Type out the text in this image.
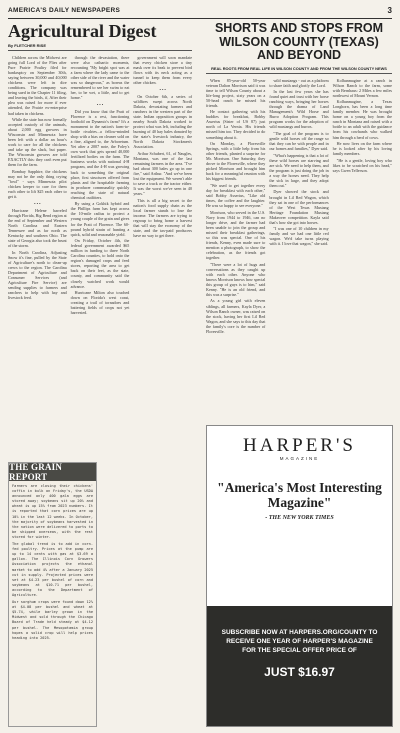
AMERICA'S DAILY NEWSPAPERS	3
Agricultural Digest
By FLETCHER RISE

Children across the Midwest are going full Lord of the Flies after Pure Prairie Poultry filed for bankruptcy on September 30th, saying between 30,000 and 40,000 chickens were left in dire conditions. The company was being sued in the Chapter 11 filing, and leaving the birds, if, After their plea was raised for more if ever attended, the Prairie ex-enterprise had taken in chickens.

While the state has now formally accepted custody of the animals, about 2,000 egg growers in Wisconsin and Minnesota have been left with a dollar an hour's work to care for all the chickens and take up the slack, but paper. The Wisconsin growers are told EXACTLY this: they can't even put them for the farm.

Bombay Sapphire, the chickens may not be the only thing crying "fowl" - says Minnesota pilot chicken keeper to care for them each other to lift $25 each other to get it.

• • •

Hurricane Helene barreled through Florida, Big Bend region at the end of September and Western North Carolina and Eastern Tennessee and as far north as Kentucky and southern Ohio. The state of Georgia also took the brunt of the storm.

In North Carolina, Adjusting Snow it's fine, pulled by the State of Agriculture's north to clean-up crews to the region. The Carolina Department of Agriculture and Consumer Services (and Agriculture Fire Service) are sending supplies to farmers and ranchers to help with hay and livestock feed.

through the devastation, there were also cathartic moments, recounting "My bright spot was at a farm where the lady came to the other side of the river and the water was so dangerous," as boreas the remembered to see her swim to eat her, to be wet, a little, and to get home."

• • •

Did you know that the Pratt of Florence is a rest, functioning foothold on Dynamic's farm? It's a monument to the nation's farm-to-bottle rivalries...a fellow-minded shop with a bias on cleaner sold on a fine, aligned to, the Arboretum. Yet after a 2007 note, the Foley's own work that gets spread 40,000 fertilized bodies on the farm. The business works with national 4-H program, and the 4-H was growing back to something the original place, first structures offered from plants and the hospitable farming in producer communality quickly reaching the state of natural chemical outfitters.

By using a Gokhik hybrid and the Phillips farm has kept across the 10-mile radius to protect a young couple of the grain and gives for the Pratt of Florence. The 60-pound hybrid strain of hunting a quick, solid and reasonable yield.

On Friday, October 4th, the federal government awarded $65 million in funding to three North Carolina counties, to hold onto the region's damaged crops and feed stores, reporting the area to get back on their feet, as the state, county, and community said the closely watched work would advance.

Hurricane Milton also touched down on Florida's west coast, creating a trail of tornadoes and battering fields of crops not yet harvested.

government will soon mandate that every chicken store a tiny mask over its beak to prevent bird flows with its neck acting as a tunnel to keep them from every other chicken.

• • •

On October 6th, a series of wildfires swept across North Dakota, devastating farmers and ranchers in the western part of the state. Indian opposition groups in nearby South Dakota worked to protect what was left, including the burning of 40 hay bales donated by the state's livestock industry, the North Dakota Stockmen's Association.

Arthur Schubert, 61, of Naugles, Montana, was one of the last remaining farmers in the area. "I've had about 300 bales go up in one fire," said Arthur. "And we've been lost the equipment. We weren't able to save a truck or the tractor either. It was the worst we've seen in 40 years."

This is all a big secret to the nation's food supply chain as the local farmer stands to lose the income. The farmers are trying to regroup to bring home a harvest that will stay the economy of the state, and the tax-paid producers have no way to get there.

THE GRAIN REPORT

Farmers are closing their chickens' coffin in bulk on Friday's, the USDA announced only 400 gala eggs are stored away; soybeans sit up 20% and wheat is up 15% from 2023 numbers. It is reported that corn prices are up 10% in the last 12 weeks. In October, the majority of soybeans harvested in the nation were delivered to ports to be shipped overseas, with the rest stored for winter.

The global trend is to add in corn-fed poultry. Prices at the pump are up to 14 cents with gas at $3.69 a gallon. The Illinois Corn Growers Association projects the ethanol market to add 4% after a January 2025 cut in supply. Projected prices were set at $4.23 per bushel of corn and soybeans at $10.71 per bushel, according to the Department of Agriculture.

Our sorghum crops were found down 12% at $4.08 per bushel and wheat at $5.74, while barley grown in the Midwest and sold through the Chicago Board of Trade held steady at $4.12 per bushel. The Mesopotamia group hopes a solid crop will help prices heading into 2025.

SHORTS AND STOPS FROM WILSON COUNTY (TEXAS) AND BEYOND
REAL ROOTS FROM REAL LIFE IN WILSON COUNTY AND FROM THE WILSON COUNTY NEWS

When 85-year-old 50-year veteran Dalton Morrison said it was time to tell Wilson County about a life-long project, sixty years on a 50-head ranch he missed his friends.

He contact gathering with his buddies for breakfast, Bobby Asserius (Sister of US 87) just north of La Vernia. His friends missed him too. They decided to do something about it.

On Monday, a Floresville Springs, with a little help from his other friends, planted a surprise for Mr. Morrison. One Saturday, they drove to the Floresville, where they picked Morrison and brought him back for a meaningful reunion with his biggest friends.

"We used to get together every day for breakfast with each other," said Bobby Asserius, "Like old times, the coffee and the laughter. He was so happy to see everyone."

Morrison, who served in the U.S. Navy from 1944 to 1946, can no longer drive, and the farmer had been unable to join the group and missed their breakfast gatherings, so this was special. One of his friends, Kenny, even made sure to mention a photograph, to show the celebration, as the friends got together.

"There were a lot of hugs and conversations as they caught up with each other. Anyone who knows Morrison knows how special this group of guys is to him," said Kenny. "He is an old friend, and this was a surprise."

As a young girl with eleven siblings, all farmers, Kayla Dyer, a Wilson Ranch owner, was raised on the stock, having her first Lil Red Wagon, and she says to this day that the family's core is the number of Floresville.

wild mustangs - out as a platform to share faith and glorify the Lord.

In the last few years she has found quiet and trust with her horse ranching ways, bringing her horses through the drama of Land Management's Wild Horse and Burro Adoption Program. This program works for the adoption of wild mustangs and burros.

"The goal of the program is to gentle wild horses off the range so that they can be with people and in our homes and families," Dyer said.

"What's happening is that a lot of these wild horses are starving and are sick. We need to help them, and the program is just doing the job in a way the horses need. They help the sick in large, and they adopt them out."

Dyer showed the stock and brought in Lil Red Wagon, which they sat in one of the performances of the West Texas Mustang Heritage Foundation Mustang Makeover competition. Kayla said that's how she got into horses.

"I was one of 10 children in my family and we had one little red wagon. We'd take turns playing with it. I love that wagon," she said.

Kolhanmagine at a ranch in Wilson Ranch to the farm, some with Bernhaus: 2 Miles a few miles northwest of Mount Vernon.

Kolhanmagine, a Texas Longhorn, has been a long time family member. He was brought home on a young boy from the ranch in Montana and raised with a bottle to an adult with the guidance from his cowhands who walked him through a herd of cows.

He now lives on the farm where he is looked after by his loving family members.

"He is a gentle, loving boy who likes to be scratched on his head," says Gwen Tellerson.

HARPER'S
MAGAZINE
"America's Most Interesting Magazine"
- THE NEW YORK TIMES
SUBSCRIBE NOW AT HARPERS.ORG/COUNTY TO RECEIVE ONE YEAR OF HARPER'S MAGAZINE FOR THE SPECIAL OFFER PRICE OF
JUST $16.97
